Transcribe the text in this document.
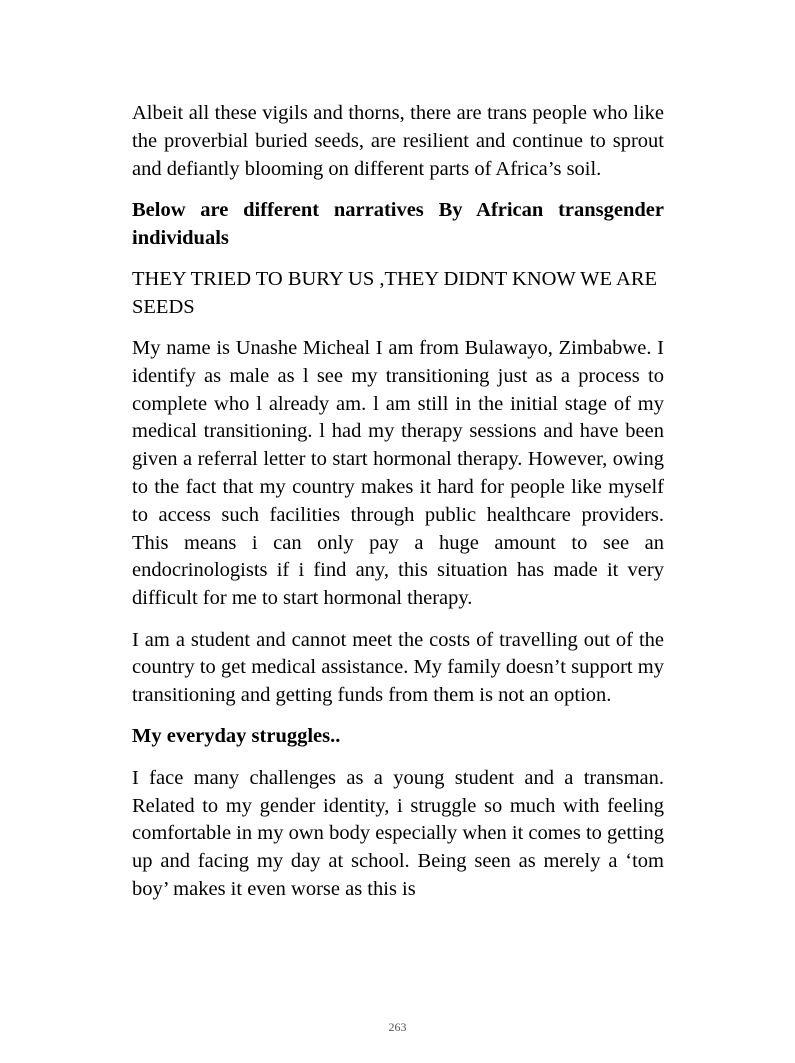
Albeit all these vigils and thorns, there are trans people who like the proverbial buried seeds, are resilient and continue to sprout and defiantly blooming on different parts of Africa’s soil.

Below are different narratives By African transgender individuals

THEY TRIED TO BURY US ,THEY DIDNT KNOW WE ARE SEEDS

My name is Unashe Micheal I am from Bulawayo, Zimbabwe. I identify as male as l see my transitioning just as a process to complete who l already am. l am still in the initial stage of my medical transitioning. l had my therapy sessions and have been given a referral letter to start hormonal therapy. However, owing to the fact that my country makes it hard for people like myself to access such facilities through public healthcare providers. This means i can only pay a huge amount to see an endocrinologists if i find any, this situation has made it very difficult for me to start hormonal therapy.

I am a student and cannot meet the costs of travelling out of the country to get medical assistance. My family doesn’t support my transitioning and getting funds from them is not an option.

My everyday struggles..

I face many challenges as a young student and a transman. Related to my gender identity, i struggle so much with feeling comfortable in my own body especially when it comes to getting up and facing my day at school. Being seen as merely a ‘tom boy’ makes it even worse as this is

263
